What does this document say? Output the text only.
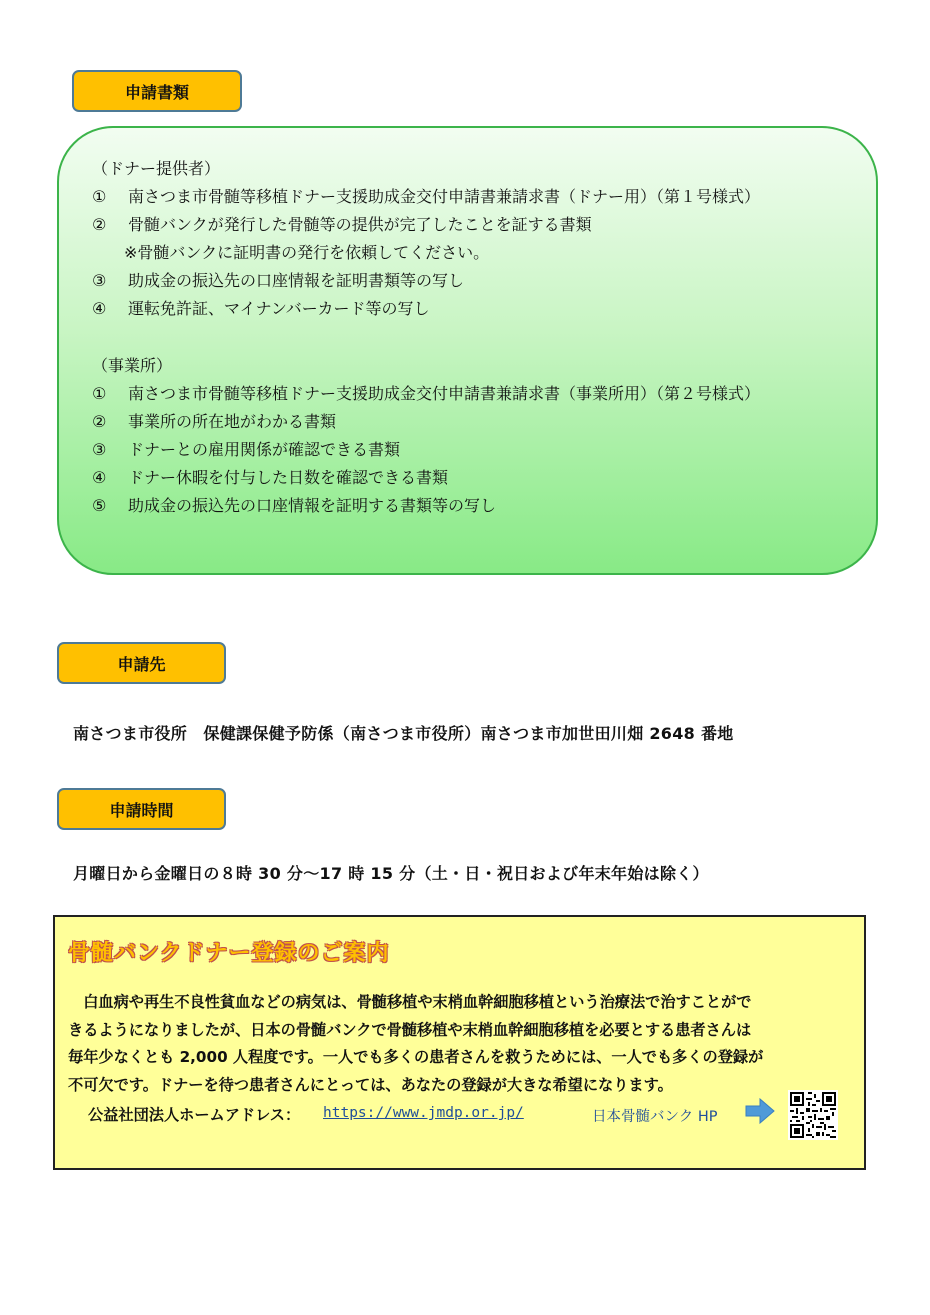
申請書類
（ドナー提供者）
① 南さつま市骨髄等移植ドナー支援助成金交付申請書兼請求書（ドナー用）（第１号様式）
② 骨髄バンクが発行した骨髄等の提供が完了したことを証する書類
※骨髄バンクに証明書の発行を依頼してください。
③ 助成金の振込先の口座情報を証明書類等の写し
④ 運転免許証、マイナンバーカード等の写し
（事業所）
① 南さつま市骨髄等移植ドナー支援助成金交付申請書兼請求書（事業所用）（第２号様式）
② 事業所の所在地がわかる書類
③ ドナーとの雇用関係が確認できる書類
④ ドナー休暇を付与した日数を確認できる書類
⑤ 助成金の振込先の口座情報を証明する書類等の写し
申請先
南さつま市役所　保健課保健予防係（南さつま市役所）南さつま市加世田川畑 2648 番地
申請時間
月曜日から金曜日の８時 30 分～17 時 15 分（土・日・祝日および年末年始は除く）
骨髄バンクドナー登録のご案内
　白血病や再生不良性貧血などの病気は、骨髄移植や末梢血幹細胞移植という治療法で治すことがで
きるようになりましたが、日本の骨髄バンクで骨髄移植や末梢血幹細胞移植を必要とする患者さんは
毎年少なくとも 2,000 人程度です。一人でも多くの患者さんを救うためには、一人でも多くの登録が
不可欠です。ドナーを待つ患者さんにとっては、あなたの登録が大きな希望になります。
公益社団法人ホームアドレス： https://www.jmdp.or.jp/	日本骨髄バンク HP
